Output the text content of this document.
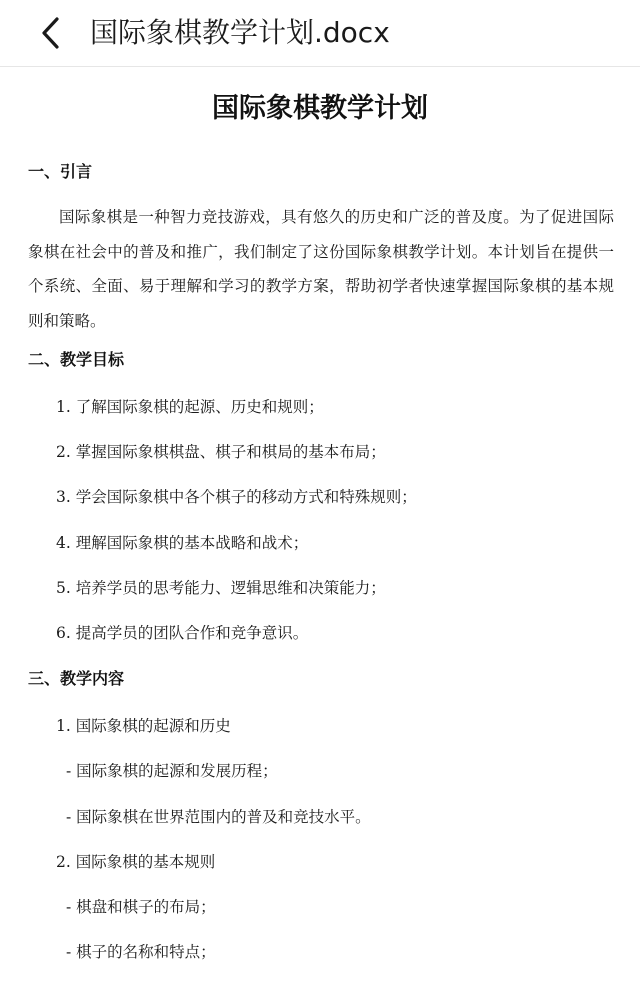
国际象棋教学计划.docx
国际象棋教学计划
一、引言
国际象棋是一种智力竞技游戏，具有悠久的历史和广泛的普及度。为了促进国际象棋在社会中的普及和推广，我们制定了这份国际象棋教学计划。本计划旨在提供一个系统、全面、易于理解和学习的教学方案，帮助初学者快速掌握国际象棋的基本规则和策略。
二、教学目标
1. 了解国际象棋的起源、历史和规则；
2. 掌握国际象棋棋盘、棋子和棋局的基本布局；
3. 学会国际象棋中各个棋子的移动方式和特殊规则；
4. 理解国际象棋的基本战略和战术；
5. 培养学员的思考能力、逻辑思维和决策能力；
6. 提高学员的团队合作和竞争意识。
三、教学内容
1. 国际象棋的起源和历史
- 国际象棋的起源和发展历程；
- 国际象棋在世界范围内的普及和竞技水平。
2. 国际象棋的基本规则
- 棋盘和棋子的布局；
- 棋子的名称和特点；
